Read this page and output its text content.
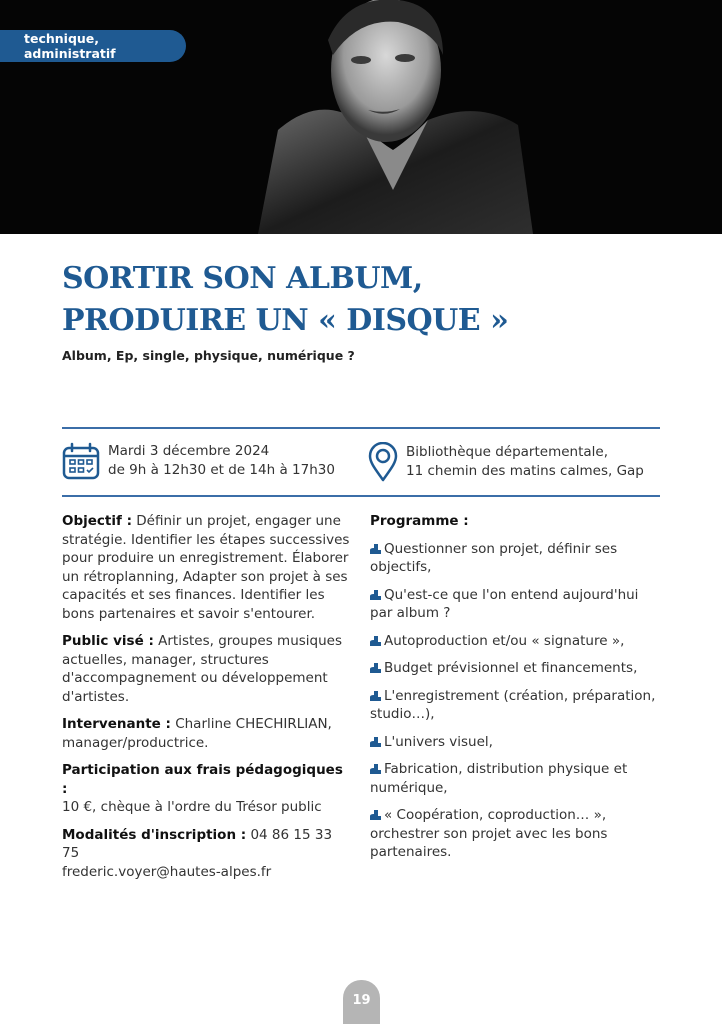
technique, administratif
SORTIR SON ALBUM,
PRODUIRE UN « DISQUE »
Album, Ep, single, physique, numérique ?
Mardi 3 décembre 2024
de 9h à 12h30 et de 14h à 17h30
Bibliothèque départementale,
11 chemin des matins calmes, Gap

Objectif : Définir un projet, engager une stratégie. Identifier les étapes successives pour produire un enregistrement. Élaborer un rétroplanning, Adapter son projet à ses capacités et ses finances. Identifier les bons partenaires et savoir s'entourer.

Public visé : Artistes, groupes musiques actuelles, manager, structures d'accompagnement ou développement d'artistes.

Intervenante : Charline CHECHIRLIAN, manager/productrice.

Participation aux frais pédagogiques :
10 €, chèque à l'ordre du Trésor public

Modalités d'inscription : 04 86 15 33 75
frederic.voyer@hautes-alpes.fr

Programme :

Questionner son projet, définir ses objectifs,

Qu'est-ce que l'on entend aujourd'hui par album ?

Autoproduction et/ou « signature »,

Budget prévisionnel et financements,

L'enregistrement (création, préparation, studio…),

L'univers visuel,

Fabrication, distribution physique et numérique,

« Coopération, coproduction… », orchestrer son projet avec les bons partenaires.

19
